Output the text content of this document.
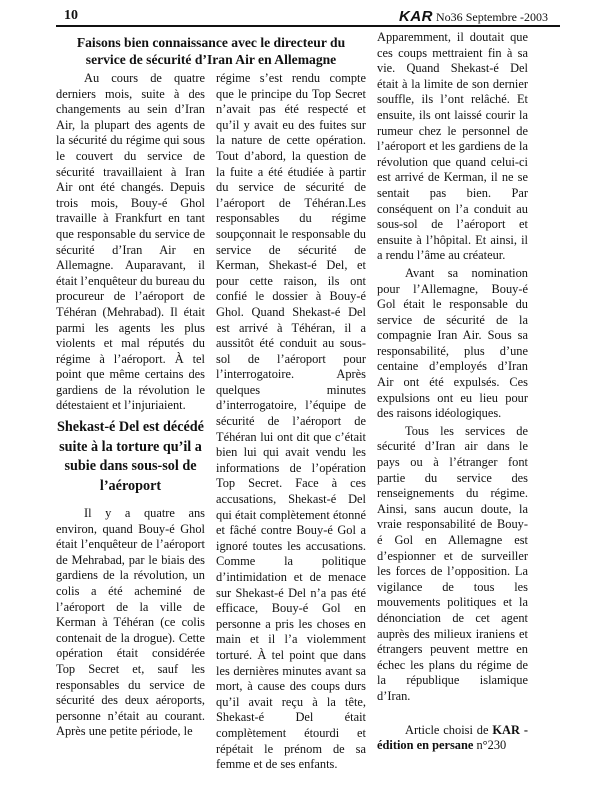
10	KAR No36 Septembre -2003
Faisons bien connaissance avec le directeur du
service de sécurité d’Iran Air en Allemagne

Au cours de quatre derniers mois, suite à des changements au sein d’Iran Air, la plupart des agents de la sécurité du régime qui sous le couvert du service de sécurité travaillaient à Iran Air ont été changés. Depuis trois mois, Bouy-é Ghol travaille à Frankfurt en tant que responsable du service de sécurité d’Iran Air en Allemagne. Auparavant, il était l’enquêteur du bureau du procureur de l’aéroport de Téhéran (Mehrabad). Il était parmi les agents les plus violents et mal réputés du régime à l’aéroport. À tel point que même certains des gardiens de la révolution le détestaient et l’injuriaient.

Shekast-é Del est décédé suite à la torture qu’il a subie dans sous-sol de l’aéroport

Il y a quatre ans environ, quand Bouy-é Ghol était l’enquêteur de l’aéroport de Mehrabad, par le biais des gardiens de la révolution, un colis a été acheminé de l’aéroport de la ville de Kerman à Téhéran (ce colis contenait de la drogue). Cette opération était considérée Top Secret et, sauf les responsables du service de sécurité des deux aéroports, personne n’était au courant. Après une petite période, le

régime s’est rendu compte que le principe du Top Secret n’avait pas été respecté et qu’il y avait eu des fuites sur la nature de cette opération. Tout d’abord, la question de la fuite a été étudiée à partir du service de sécurité de l’aéroport de Téhéran.Les responsables du régime soupçonnait le responsable du service de sécurité de Kerman, Shekast-é Del, et pour cette raison, ils ont confié le dossier à Bouy-é Ghol. Quand Shekast-é Del est arrivé à Téhéran, il a aussitôt été conduit au sous-sol de l’aéroport pour l’interrogatoire. Après quelques minutes d’interrogatoire, l’équipe de sécurité de l’aéroport de Téhéran lui ont dit que c’était bien lui qui avait vendu les informations de l’opération Top Secret. Face à ces accusations, Shekast-é Del qui était complètement étonné et fâché contre Bouy-é Gol a ignoré toutes les accusations. Comme la politique d’intimidation et de menace sur Shekast-é Del n’a pas été efficace, Bouy-é Gol en personne a pris les choses en main et il l’a violemment torturé. À tel point que dans les dernières minutes avant sa mort, à cause des coups durs qu’il avait reçu à la tête, Shekast-é Del était complètement étourdi et répétait le prénom de sa femme et de ses enfants.

Apparemment, il doutait que ces coups mettraient fin à sa vie. Quand Shekast-é Del était à la limite de son dernier souffle, ils l’ont relâché. Et ensuite, ils ont laissé courir la rumeur chez le personnel de l’aéroport et les gardiens de la révolution que quand celui-ci est arrivé de Kerman, il ne se sentait pas bien. Par conséquent on l’a conduit au sous-sol de l’aéroport et ensuite à l’hôpital. Et ainsi, il a rendu l’âme au créateur.

Avant sa nomination pour l’Allemagne, Bouy-é Gol était le responsable du service de sécurité de la compagnie Iran Air. Sous sa responsabilité, plus d’une centaine d’employés d’Iran Air ont été expulsés. Ces expulsions ont eu lieu pour des raisons idéologiques.

Tous les services de sécurité d’Iran air dans le pays ou à l’étranger font partie du service des renseignements du régime. Ainsi, sans aucun doute, la vraie responsabilité de Bouy-é Gol en Allemagne est d’espionner et de surveiller les forces de l’opposition. La vigilance de tous les mouvements politiques et la dénonciation de cet agent auprès des milieux iraniens et étrangers peuvent mettre en échec les plans du régime de la république islamique d’Iran.

Article choisi de KAR - édition en persane n°230
